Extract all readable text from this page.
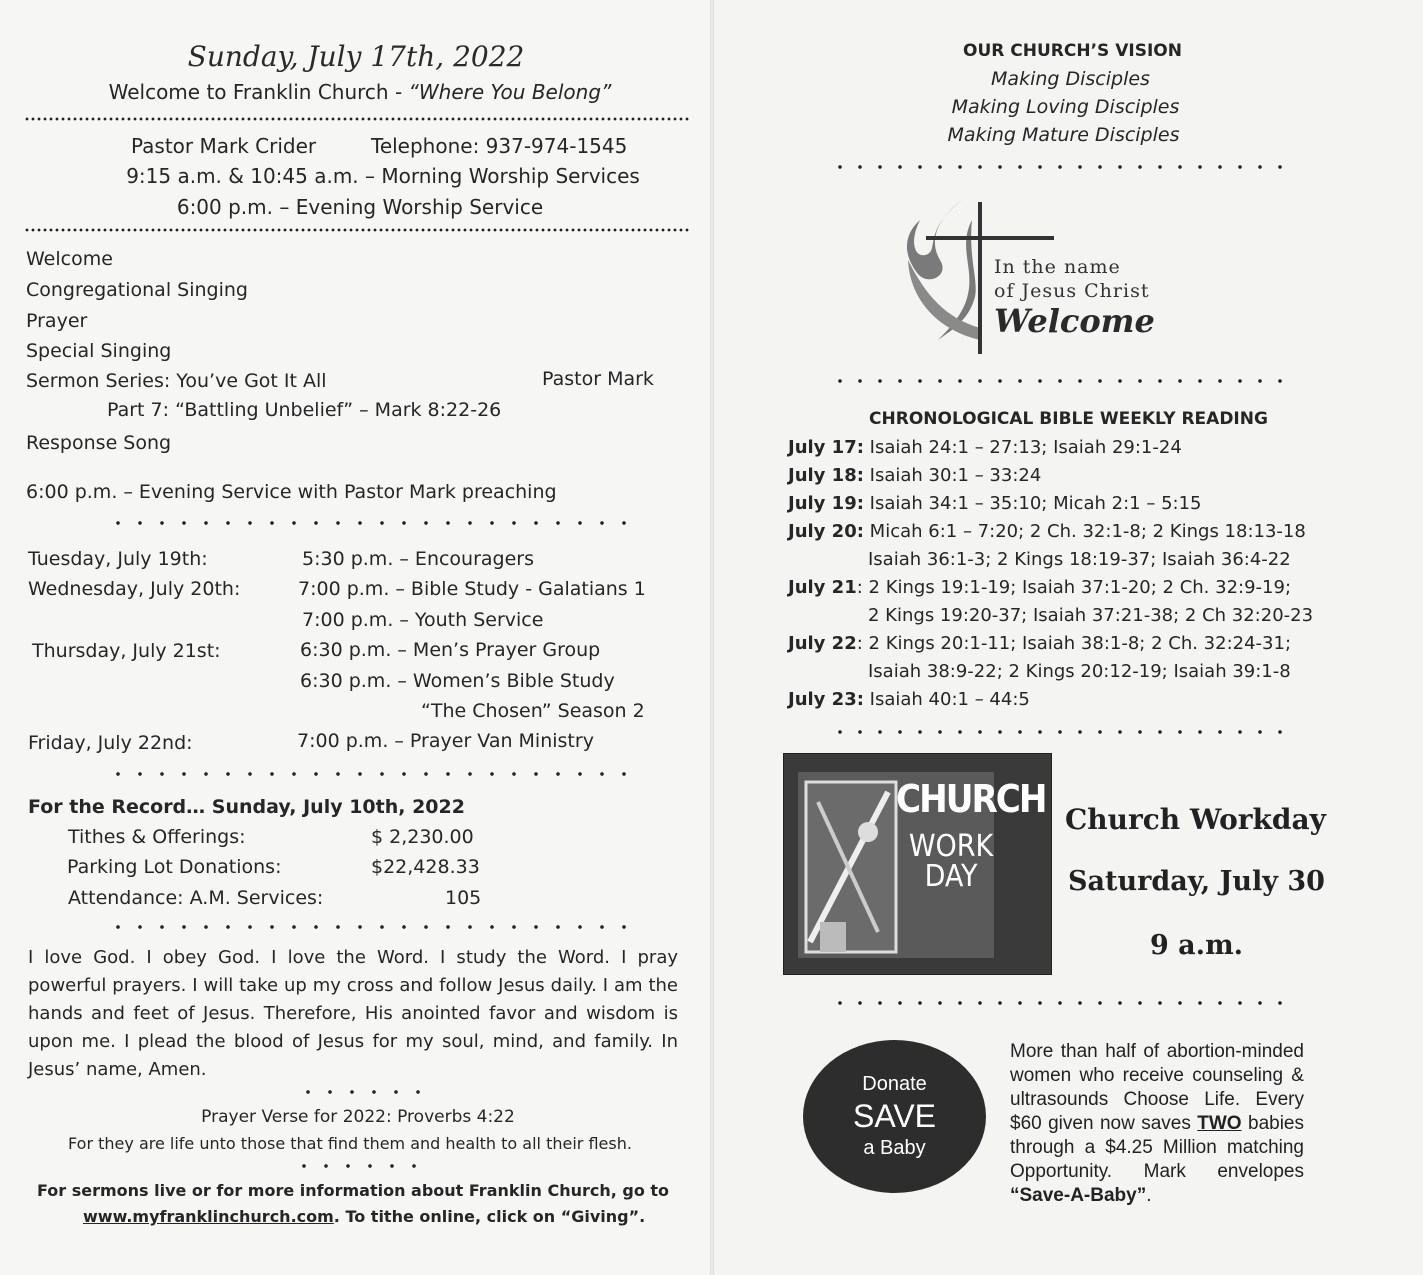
Sunday, July 17th, 2022
Welcome to Franklin Church - “Where You Belong”
Pastor Mark Crider	Telephone: 937-974-1545
9:15 a.m. & 10:45 a.m. – Morning Worship Services
6:00 p.m. – Evening Worship Service
Welcome
Congregational Singing
Prayer
Special Singing
Sermon Series: You’ve Got It All	Pastor Mark
Part 7: “Battling Unbelief” – Mark 8:22-26
Response Song
6:00 p.m. – Evening Service with Pastor Mark preaching
Tuesday, July 19th:	5:30 p.m. – Encouragers
Wednesday, July 20th:	7:00 p.m. – Bible Study - Galatians 1
7:00 p.m. – Youth Service
Thursday, July 21st:	6:30 p.m. – Men’s Prayer Group
6:30 p.m. – Women’s Bible Study
“The Chosen” Season 2
Friday, July 22nd:	7:00 p.m. – Prayer Van Ministry
For the Record… Sunday, July 10th, 2022
Tithes & Offerings:	$ 2,230.00
Parking Lot Donations:	$22,428.33
Attendance: A.M. Services:	105
I love God. I obey God. I love the Word. I study the Word. I pray powerful prayers. I will take up my cross and follow Jesus daily. I am the hands and feet of Jesus. Therefore, His anointed favor and wisdom is upon me. I plead the blood of Jesus for my soul, mind, and family. In Jesus’ name, Amen.
Prayer Verse for 2022: Proverbs 4:22
For they are life unto those that find them and health to all their flesh.
For sermons live or for more information about Franklin Church, go to
www.myfranklinchurch.com. To tithe online, click on “Giving”.
OUR CHURCH’S VISION
Making Disciples
Making Loving Disciples
Making Mature Disciples
In the name
of Jesus Christ
Welcome
CHRONOLOGICAL BIBLE WEEKLY READING
July 17: Isaiah 24:1 – 27:13; Isaiah 29:1-24
July 18: Isaiah 30:1 – 33:24
July 19: Isaiah 34:1 – 35:10; Micah 2:1 – 5:15
July 20: Micah 6:1 – 7:20; 2 Ch. 32:1-8; 2 Kings 18:13-18
Isaiah 36:1-3; 2 Kings 18:19-37; Isaiah 36:4-22
July 21: 2 Kings 19:1-19; Isaiah 37:1-20; 2 Ch. 32:9-19;
2 Kings 19:20-37; Isaiah 37:21-38; 2 Ch 32:20-23
July 22: 2 Kings 20:1-11; Isaiah 38:1-8; 2 Ch. 32:24-31;
Isaiah 38:9-22; 2 Kings 20:12-19; Isaiah 39:1-8
July 23: Isaiah 40:1 – 44:5
CHURCH
WORK
DAY
Church Workday
Saturday, July 30
9 a.m.
Donate
SAVE
a Baby
More than half of abortion-minded women who receive counseling & ultrasounds Choose Life. Every $60 given now saves TWO babies through a $4.25 Million matching Opportunity. Mark envelopes “Save-A-Baby”.
